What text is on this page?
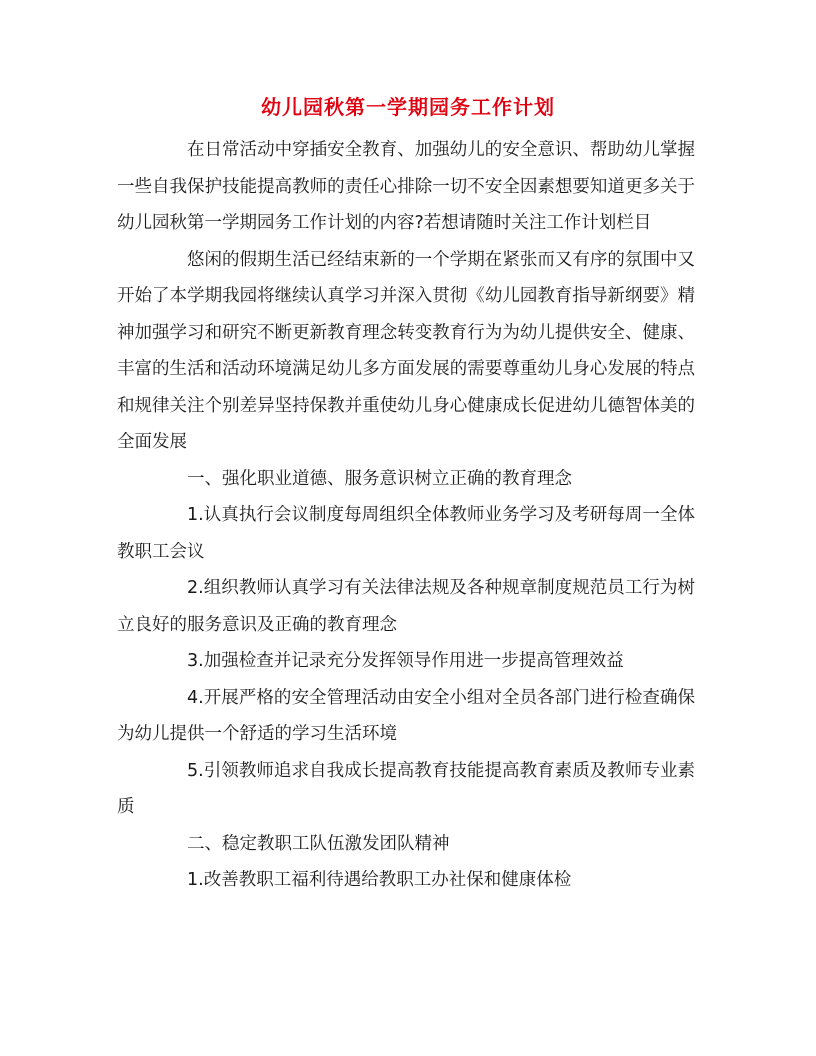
幼儿园秋第一学期园务工作计划

在日常活动中穿插安全教育、加强幼儿的安全意识、帮助幼儿掌握一些自我保护技能提高教师的责任心排除一切不安全因素想要知道更多关于幼儿园秋第一学期园务工作计划的内容?若想请随时关注工作计划栏目

悠闲的假期生活已经结束新的一个学期在紧张而又有序的氛围中又开始了本学期我园将继续认真学习并深入贯彻《幼儿园教育指导新纲要》精神加强学习和研究不断更新教育理念转变教育行为为幼儿提供安全、健康、丰富的生活和活动环境满足幼儿多方面发展的需要尊重幼儿身心发展的特点和规律关注个别差异坚持保教并重使幼儿身心健康成长促进幼儿德智体美的全面发展

一、强化职业道德、服务意识树立正确的教育理念

1.认真执行会议制度每周组织全体教师业务学习及考研每周一全体教职工会议

2.组织教师认真学习有关法律法规及各种规章制度规范员工行为树立良好的服务意识及正确的教育理念

3.加强检查并记录充分发挥领导作用进一步提高管理效益

4.开展严格的安全管理活动由安全小组对全员各部门进行检查确保为幼儿提供一个舒适的学习生活环境

5.引领教师追求自我成长提高教育技能提高教育素质及教师专业素质

二、稳定教职工队伍激发团队精神

1.改善教职工福利待遇给教职工办社保和健康体检
